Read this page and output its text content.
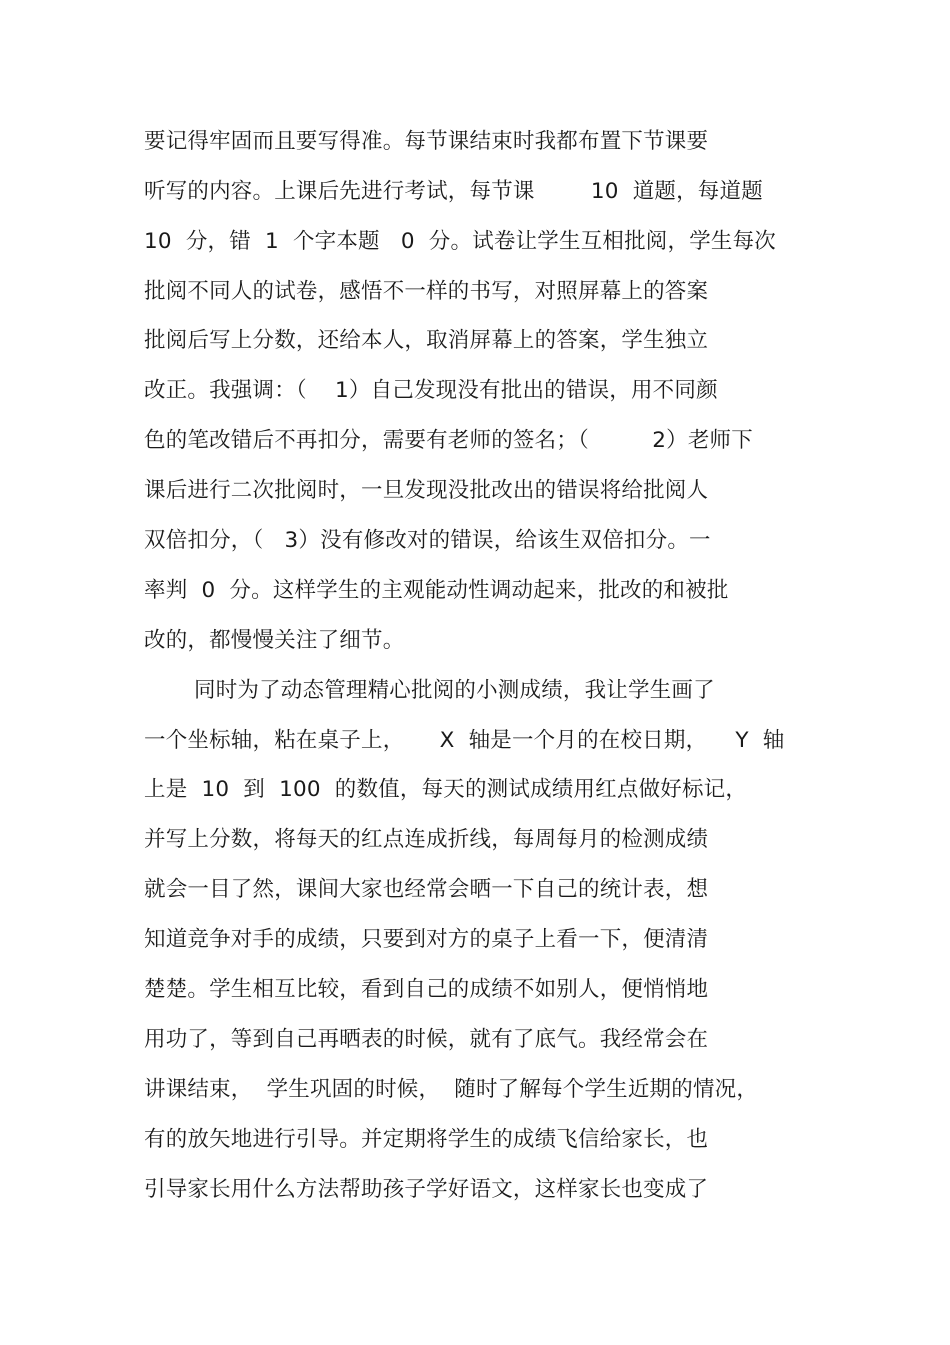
要记得牢固而且要写得准。每节课结束时我都布置下节课要
听写的内容。上课后先进行考试，每节课        10  道题，每道题
10  分，错  1  个字本题   0  分。试卷让学生互相批阅，学生每次
批阅不同人的试卷，感悟不一样的书写，对照屏幕上的答案
批阅后写上分数，还给本人，取消屏幕上的答案，学生独立
改正。我强调：（    1）自己发现没有批出的错误，用不同颜
色的笔改错后不再扣分，需要有老师的签名；（         2）老师下
课后进行二次批阅时，一旦发现没批改出的错误将给批阅人
双倍扣分，（   3）没有修改对的错误，给该生双倍扣分。一
率判  0  分。这样学生的主观能动性调动起来，批改的和被批
改的，都慢慢关注了细节。
同时为了动态管理精心批阅的小测成绩，我让学生画了
一个坐标轴，粘在桌子上，     X  轴是一个月的在校日期，    Y  轴
上是  10  到  100  的数值，每天的测试成绩用红点做好标记，
并写上分数，将每天的红点连成折线，每周每月的检测成绩
就会一目了然，课间大家也经常会晒一下自己的统计表，想
知道竞争对手的成绩，只要到对方的桌子上看一下，便清清
楚楚。学生相互比较，看到自己的成绩不如别人，便悄悄地
用功了，等到自己再晒表的时候，就有了底气。我经常会在
讲课结束，  学生巩固的时候，  随时了解每个学生近期的情况，
有的放矢地进行引导。并定期将学生的成绩飞信给家长，也
引导家长用什么方法帮助孩子学好语文，这样家长也变成了
